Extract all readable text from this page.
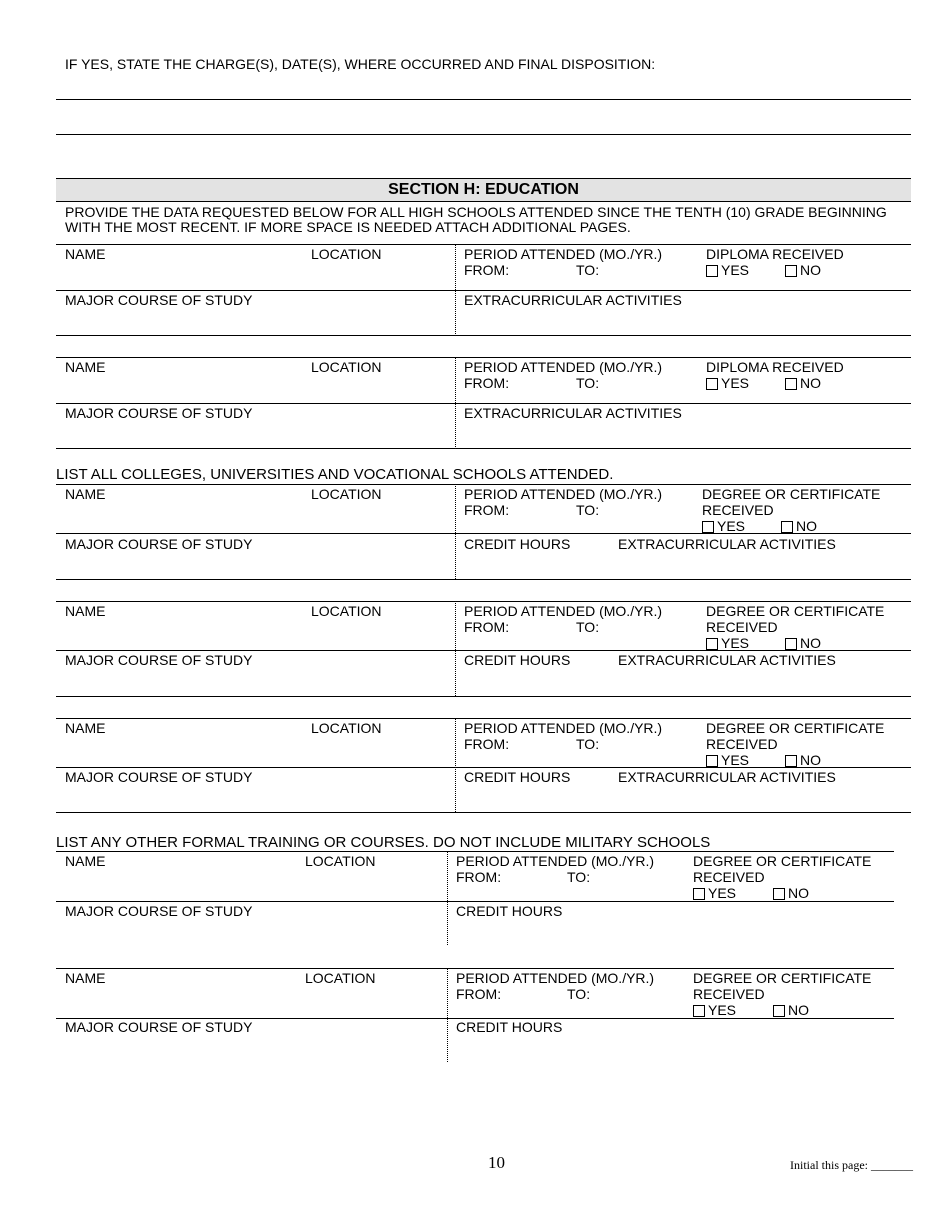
IF YES, STATE THE CHARGE(S), DATE(S), WHERE OCCURRED AND FINAL DISPOSITION:
SECTION H: EDUCATION
PROVIDE THE DATA REQUESTED BELOW FOR ALL HIGH SCHOOLS ATTENDED SINCE THE TENTH (10) GRADE BEGINNING
WITH THE MOST RECENT. IF MORE SPACE IS NEEDED ATTACH ADDITIONAL PAGES.
NAME	LOCATION	PERIOD ATTENDED (MO./YR.)
FROM:	TO:
DIPLOMA RECEIVED
YES	NO
MAJOR COURSE OF STUDY	EXTRACURRICULAR ACTIVITIES
NAME	LOCATION	PERIOD ATTENDED (MO./YR.)
FROM:	TO:
DIPLOMA RECEIVED
YES	NO
MAJOR COURSE OF STUDY	EXTRACURRICULAR ACTIVITIES
LIST ALL COLLEGES, UNIVERSITIES AND VOCATIONAL SCHOOLS ATTENDED.
NAME	LOCATION	PERIOD ATTENDED (MO./YR.)
FROM:	TO:
DEGREE OR CERTIFICATE
RECEIVED
YES	NO
MAJOR COURSE OF STUDY	CREDIT HOURS	EXTRACURRICULAR ACTIVITIES
NAME	LOCATION	PERIOD ATTENDED (MO./YR.)
FROM:	TO:
DEGREE OR CERTIFICATE
RECEIVED
YES	NO
MAJOR COURSE OF STUDY	CREDIT HOURS	EXTRACURRICULAR ACTIVITIES
NAME	LOCATION	PERIOD ATTENDED (MO./YR.)
FROM:	TO:
DEGREE OR CERTIFICATE
RECEIVED
YES	NO
MAJOR COURSE OF STUDY	CREDIT HOURS	EXTRACURRICULAR ACTIVITIES
LIST ANY OTHER FORMAL TRAINING OR COURSES. DO NOT INCLUDE MILITARY SCHOOLS
NAME	LOCATION	PERIOD ATTENDED (MO./YR.)
FROM:	TO:
DEGREE OR CERTIFICATE
RECEIVED
YES	NO
MAJOR COURSE OF STUDY	CREDIT HOURS
NAME	LOCATION	PERIOD ATTENDED (MO./YR.)
FROM:	TO:
DEGREE OR CERTIFICATE
RECEIVED
YES	NO
MAJOR COURSE OF STUDY	CREDIT HOURS
10	Initial this page: _______
